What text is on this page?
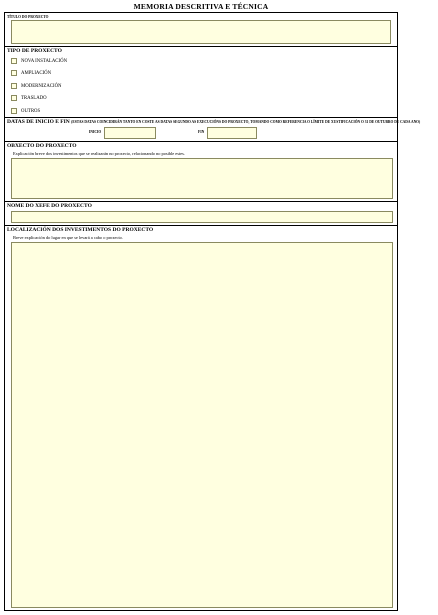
MEMORIA DESCRITIVA E TÉCNICA
TÍTULO DO PROXECTO
TIPO DE PROXECTO
NOVA INSTALACIÓN
AMPLIACIÓN
MODERNIZACIÓN
TRASLADO
OUTROS
DATAS DE INICIO E FIN (ESTAS DATAS COINCIDIRÁN TANTO EN COSTE AS DATAS SEGUNDO AS EXECUCIÓNS DO PROXECTO, TOMANDO COMO REFERENCIA O LÍMITE DE XUSTIFICACIÓN O 31 DE OUTUBRO DE CADA ANO)
INICIO	FIN
OBXECTO DO PROXECTO
Explicación breve dos investimentos que se realizarán no proxecto, relacionando no posible estes.
NOME DO XEFE DO PROXECTO
LOCALIZACIÓN DOS INVESTIMENTOS DO PROXECTO
Breve explicación do lugar en que se levará a cabo o proxecto.
